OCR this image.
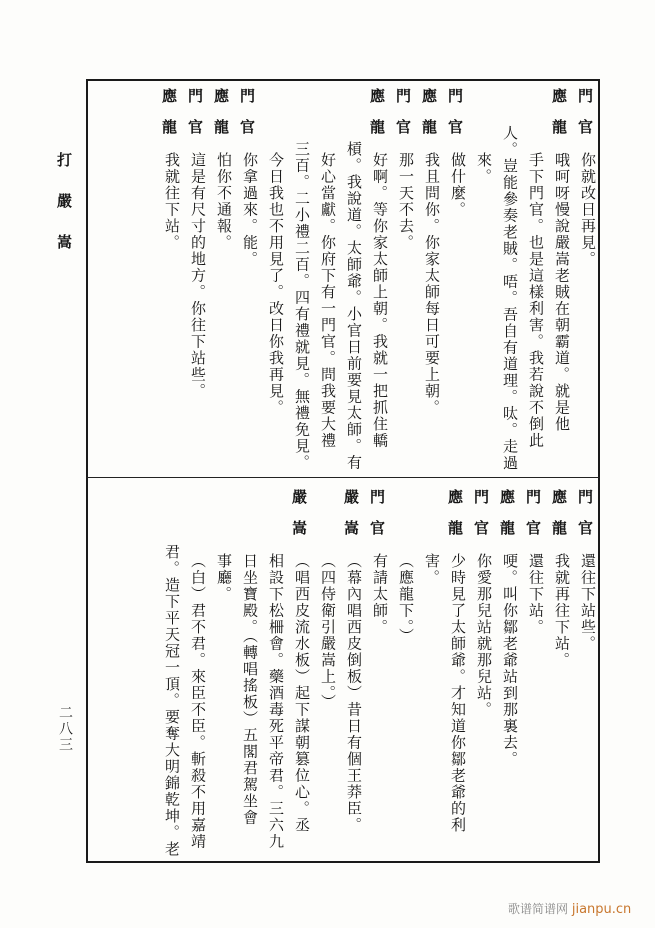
打嚴嵩
二八三
門官
你就改日再見。
應龍
哦呵呀慢說嚴嵩老賊在朝霸道。就是他
手下門官。也是這樣利害。我若說不倒此
人。豈能參奏老賊。唔。吾自有道理。呔。走過
來。
門官
做什麼。
應龍
我且問你。你家太師每日可要上朝。
門官
那一天不去。
應龍
好啊。等你家太師上朝。我就一把抓住轎
槓。我說道。太師爺。小官日前要見太師。有
好心當獻。你府下有一門官。問我要大禮
三百。二小禮二百。四有禮就見。無禮免見。
今日我也不用見了。改日你我再見。
門官
你拿過來。能。
應龍
怕你不通報。
門官
這是有尺寸的地方。你往下站些。
應龍
我就往下站。
門官
還往下站些。
應龍
我就再往下站。
門官
還往下站。
應龍
哽。叫你鄒老爺站到那裏去。
門官
你愛那兒站就那兒站。
應龍
少時見了太師爺。才知道你鄒老爺的利
害。
（應龍下。）
門官
有請太師。
嚴嵩
（幕內唱西皮倒板）昔日有個王莽臣。
（四侍衛引嚴嵩上。）
嚴嵩
（唱西皮流水板）起下謀朝篡位心。丞
相設下松柵會。藥酒毒死平帝君。三六九
日坐寶殿。（轉唱搖板）五閣君駕坐會
事廳。
（白）君不君。來臣不臣。斬殺不用嘉靖
君。造下平天冠一頂。要奪大明錦乾坤。老
歌谱简谱网 jianpu.cn
